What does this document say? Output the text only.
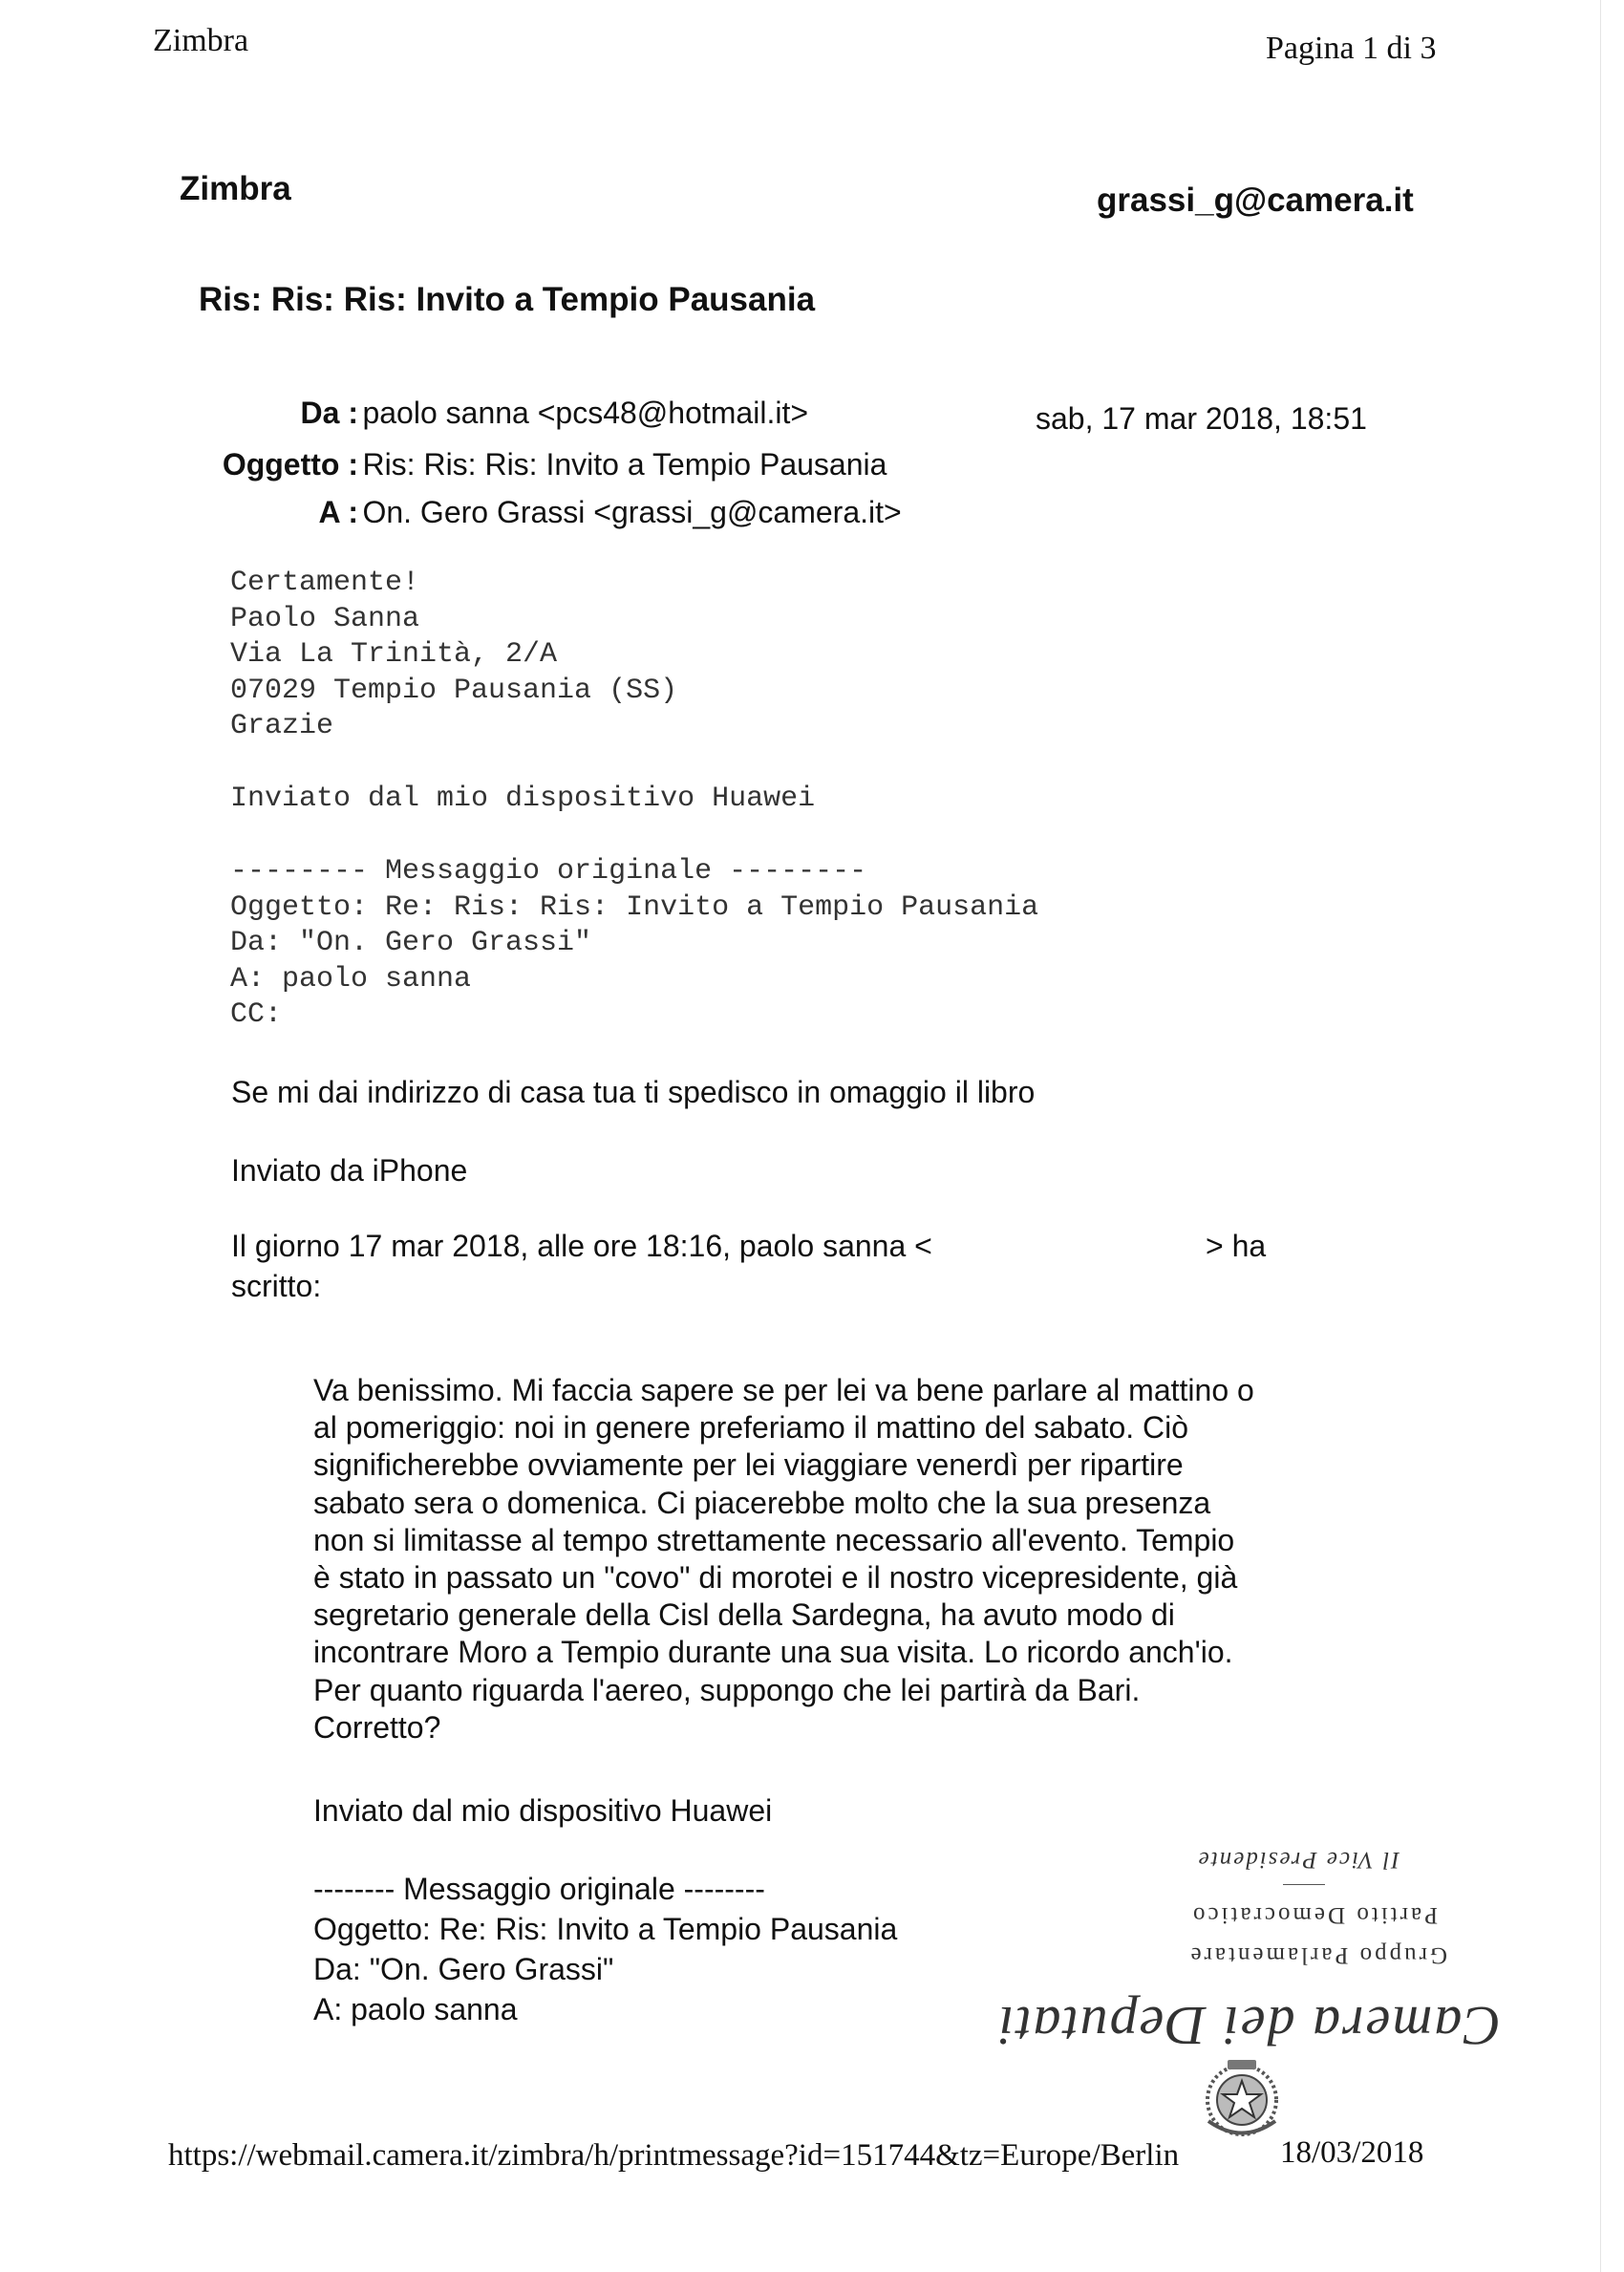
Zimbra	Pagina 1 di 3
Zimbra	grassi_g@camera.it
Ris: Ris: Ris: Invito a Tempio Pausania
Da : paolo sanna <pcs48@hotmail.it>	sab, 17 mar 2018, 18:51
Oggetto : Ris: Ris: Ris: Invito a Tempio Pausania
A : On. Gero Grassi <grassi_g@camera.it>
Certamente!
Paolo Sanna
Via La Trinità, 2/A
07029 Tempio Pausania (SS)
Grazie
Inviato dal mio dispositivo Huawei
-------- Messaggio originale --------
Oggetto: Re: Ris: Ris: Invito a Tempio Pausania
Da: "On. Gero Grassi"
A: paolo sanna
CC:
Se mi dai indirizzo di casa tua ti spedisco in omaggio il libro
Inviato da iPhone
Il giorno 17 mar 2018, alle ore 18:16, paolo sanna <	> ha
scritto:
Va benissimo. Mi faccia sapere se per lei va bene parlare al mattino o
al pomeriggio: noi in genere preferiamo il mattino del sabato. Ciò
significherebbe ovviamente per lei viaggiare venerdì per ripartire
sabato sera o domenica. Ci piacerebbe molto che la sua presenza
non si limitasse al tempo strettamente necessario all'evento. Tempio
è stato in passato un "covo" di morotei e il nostro vicepresidente, già
segretario generale della Cisl della Sardegna, ha avuto modo di
incontrare Moro a Tempio durante una sua visita. Lo ricordo anch'io.
Per quanto riguarda l'aereo, suppongo che lei partirà da Bari.
Corretto?
Inviato dal mio dispositivo Huawei
-------- Messaggio originale --------
Oggetto: Re: Ris: Invito a Tempio Pausania
Da: "On. Gero Grassi"
A: paolo sanna	Camera dei Deputati
Gruppo Parlamentare
Partito Democratico
Il Vice Presidente
https://webmail.camera.it/zimbra/h/printmessage?id=151744&tz=Europe/Berlin	18/03/2018
